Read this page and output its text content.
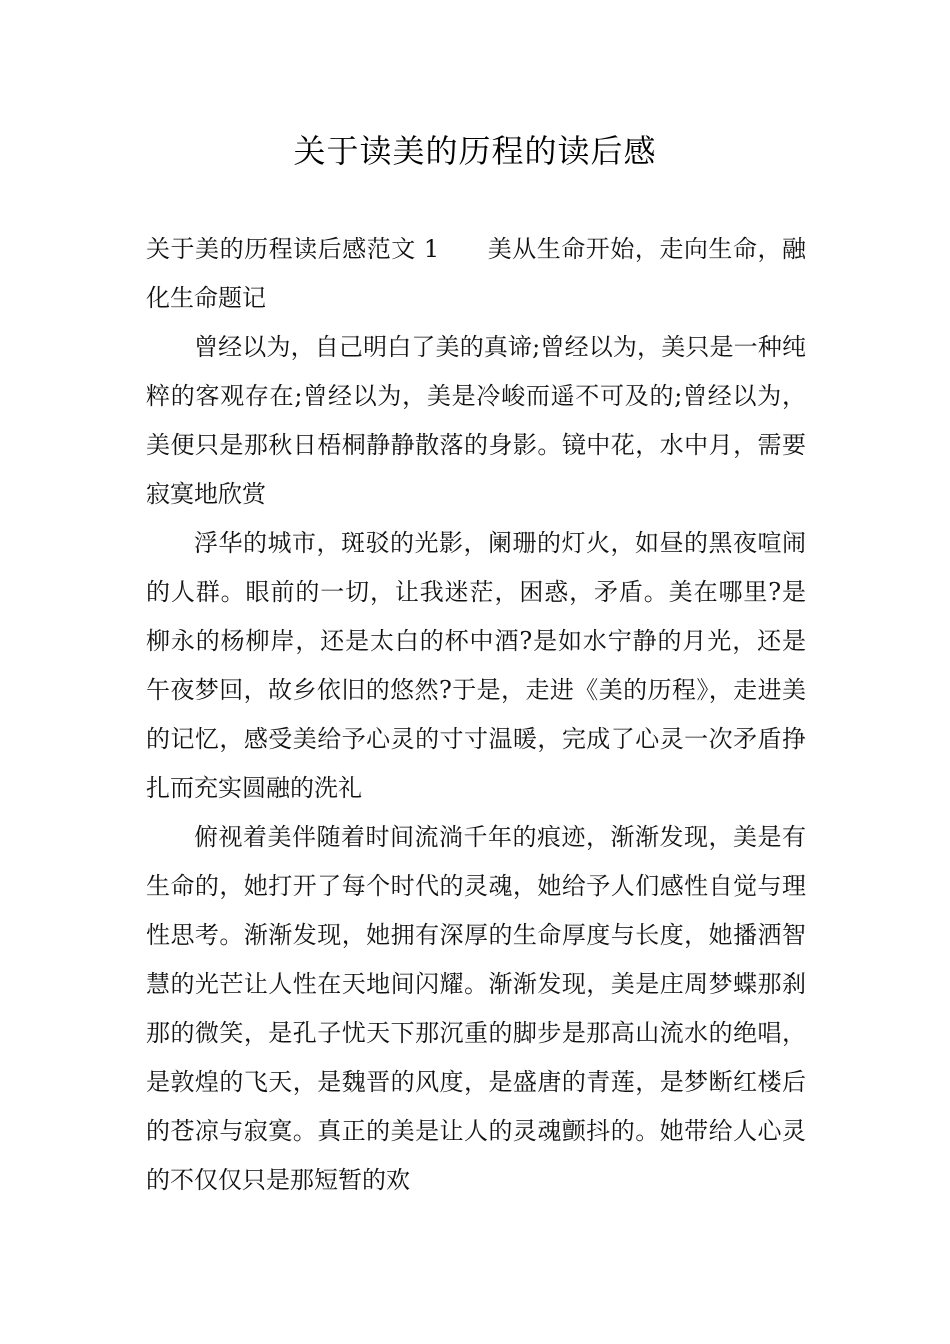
关于读美的历程的读后感

关于美的历程读后感范文 1 美从生命开始，走向生命，融化生命题记

曾经以为，自己明白了美的真谛;曾经以为，美只是一种纯粹的客观存在;曾经以为，美是冷峻而遥不可及的;曾经以为，美便只是那秋日梧桐静静散落的身影。镜中花，水中月，需要寂寞地欣赏

浮华的城市，斑驳的光影，阑珊的灯火，如昼的黑夜喧闹的人群。眼前的一切，让我迷茫，困惑，矛盾。美在哪里?是柳永的杨柳岸，还是太白的杯中酒?是如水宁静的月光，还是午夜梦回，故乡依旧的悠然?于是，走进《美的历程》，走进美的记忆，感受美给予心灵的寸寸温暖，完成了心灵一次矛盾挣扎而充实圆融的洗礼

俯视着美伴随着时间流淌千年的痕迹，渐渐发现，美是有生命的，她打开了每个时代的灵魂，她给予人们感性自觉与理性思考。渐渐发现，她拥有深厚的生命厚度与长度，她播洒智慧的光芒让人性在天地间闪耀。渐渐发现，美是庄周梦蝶那刹那的微笑，是孔子忧天下那沉重的脚步是那高山流水的绝唱，是敦煌的飞天，是魏晋的风度，是盛唐的青莲，是梦断红楼后的苍凉与寂寞。真正的美是让人的灵魂颤抖的。她带给人心灵的不仅仅只是那短暂的欢
